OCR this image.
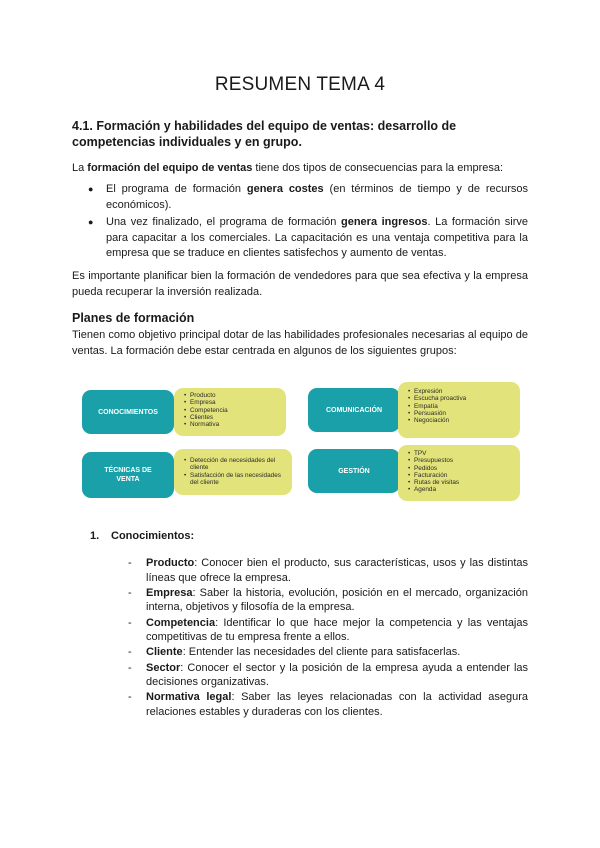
RESUMEN TEMA 4
4.1. Formación y habilidades del equipo de ventas: desarrollo de competencias individuales y en grupo.
La formación del equipo de ventas tiene dos tipos de consecuencias para la empresa:
● El programa de formación genera costes (en términos de tiempo y de recursos económicos).
● Una vez finalizado, el programa de formación genera ingresos. La formación sirve para capacitar a los comerciales. La capacitación es una ventaja competitiva para la empresa que se traduce en clientes satisfechos y aumento de ventas.
Es importante planificar bien la formación de vendedores para que sea efectiva y la empresa pueda recuperar la inversión realizada.
Planes de formación
Tienen como objetivo principal dotar de las habilidades profesionales necesarias al equipo de ventas. La formación debe estar centrada en algunos de los siguientes grupos:
1. Conocimientos:
- Producto: Conocer bien el producto, sus características, usos y las distintas líneas que ofrece la empresa.
- Empresa: Saber la historia, evolución, posición en el mercado, organización interna, objetivos y filosofía de la empresa.
- Competencia: Identificar lo que hace mejor la competencia y las ventajas competitivas de tu empresa frente a ellos.
- Cliente: Entender las necesidades del cliente para satisfacerlas.
- Sector: Conocer el sector y la posición de la empresa ayuda a entender las decisiones organizativas.
- Normativa legal: Saber las leyes relacionadas con la actividad asegura relaciones estables y duraderas con los clientes.
CONOCIMIENTOS
• Producto
• Empresa
• Competencia
• Clientes
• Normativa
COMUNICACIÓN
• Expresión
• Escucha proactiva
• Empatía
• Persuasión
• Negociación
TÉCNICAS DE VENTA
• Detección de necesidades del cliente
• Satisfacción de las necesidades del cliente
GESTIÓN
• TPV
• Presupuestos
• Pedidos
• Facturación
• Rutas de visitas
• Agenda
